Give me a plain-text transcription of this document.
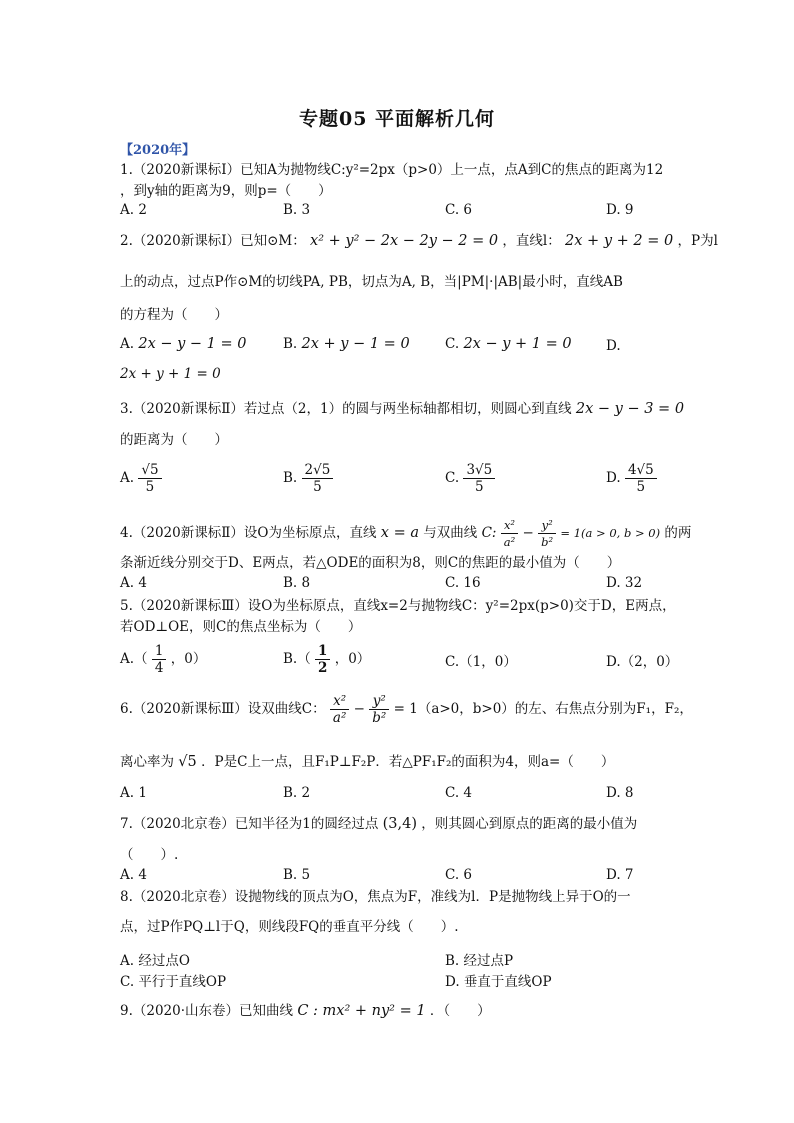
专题05 平面解析几何
【2020年】
1.（2020新课标Ⅰ）已知A为抛物线C:y²=2px（p>0）上一点，点A到C的焦点的距离为12
，到y轴的距离为9，则p=（　　）
A. 2	B. 3	C. 6	D. 9
2.（2020新课标Ⅰ）已知⊙M： x² + y² − 2x − 2y − 2 = 0 ，直线l： 2x + y + 2 = 0 ，P为l
上的动点，过点P作⊙M的切线PA, PB，切点为A, B，当|PM|·|AB|最小时，直线AB
的方程为（　　）
A. 2x − y − 1 = 0	B. 2x + y − 1 = 0	C. 2x − y + 1 = 0	D.
2x + y + 1 = 0
3.（2020新课标Ⅱ）若过点（2，1）的圆与两坐标轴都相切，则圆心到直线 2x − y − 3 = 0
的距离为（　　）
A. $\frac{√5}{5}$	B. $\frac{2√5}{5}$	C. $\frac{3√5}{5}$	D. $\frac{4√5}{5}$
4.（2020新课标Ⅱ）设O为坐标原点，直线 x = a 与双曲线 C: $\frac{\text{x²}}{\text{a²}} - \frac{\text{y²}}{\text{b²}} = 1(a > 0$, b > 0) 的两
条渐近线分别交于D、E两点，若△ODE的面积为8，则C的焦距的最小值为（　　）
A. 4	B. 8	C. 16	D. 32
5.（2020新课标Ⅲ）设O为坐标原点，直线x=2与抛物线C：y²=2px(p>0)交于D，E两点，
若OD⊥OE，则C的焦点坐标为（　　）
$A.( \frac{1}{4}$ ，0）	$B.( \frac{1}{2}$ ，0）	C.（1，0）	D.（2，0）
6.（2020新课标Ⅲ）设双曲线C： $\frac{\text{x²}}{\text{a²}} - \frac{\text{y²}}{\text{b²}} = 1(a>0$，b>0）的左、右焦点分别为F₁，F₂，
离心率为 √5 ．P是C上一点，且F₁P⊥F₂P．若△PF₁F₂的面积为4，则a=（　　）
A. 1	B. 2	C. 4	D. 8
7.（2020北京卷）已知半径为1的圆经过点 (3,4) ，则其圆心到原点的距离的最小值为
（　　）.
A. 4	B. 5	C. 6	D. 7
8.（2020北京卷）设抛物线的顶点为O，焦点为F，准线为l．P是抛物线上异于O的一
点，过P作PQ⊥l于Q，则线段FQ的垂直平分线（　　）.
A. 经过点O	B. 经过点P
C. 平行于直线OP	D. 垂直于直线OP
9.（2020·山东卷）已知曲线 C : mx² + ny² = 1 ．（　　）
